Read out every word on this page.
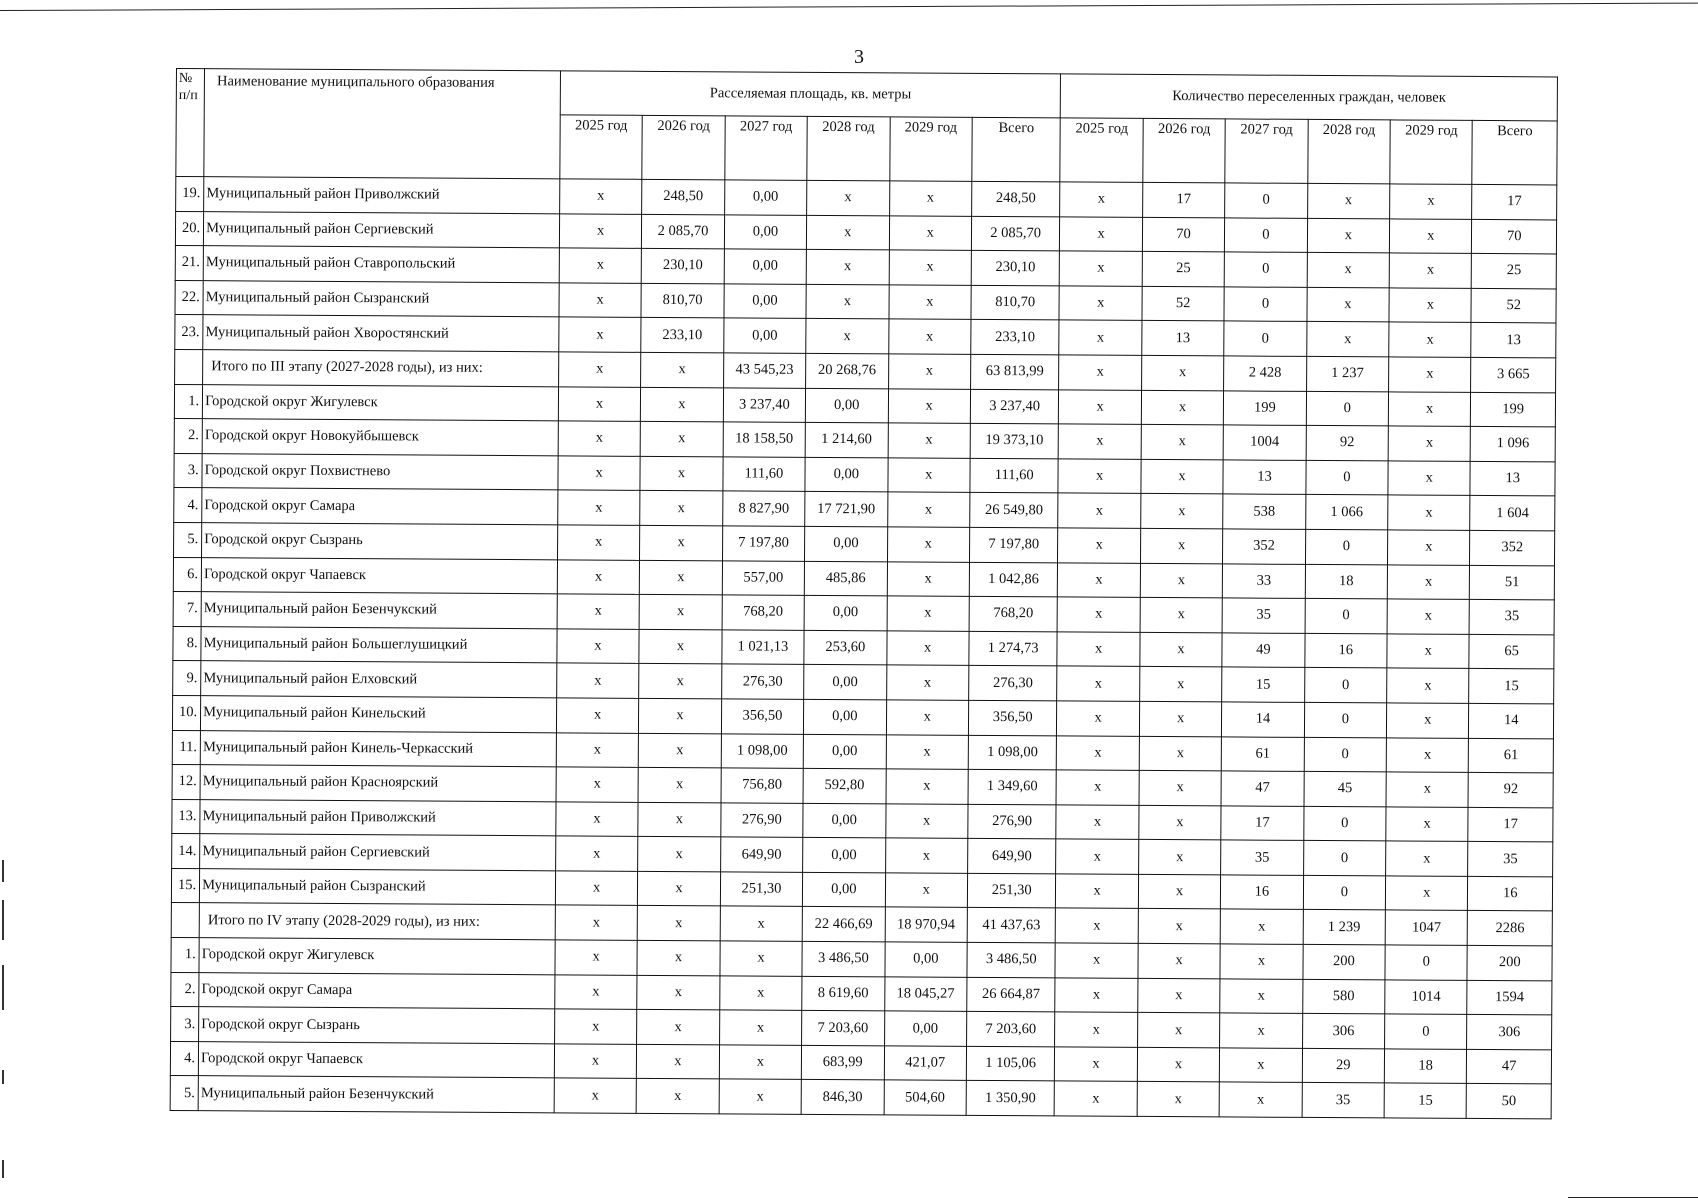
3
№ п/п	Наименование муниципального образования	Расселяемая площадь, кв. метры						Количество переселенных граждан, человек					
		2025 год	2026 год	2027 год	2028 год	2029 год	Всего	2025 год	2026 год	2027 год	2028 год	2029 год	Всего
19.	Муниципальный район Приволжский	x	248,50	0,00	x	x	248,50	x	17	0	x	x	17
20.	Муниципальный район Сергиевский	x	2 085,70	0,00	x	x	2 085,70	x	70	0	x	x	70
21.	Муниципальный район Ставропольский	x	230,10	0,00	x	x	230,10	x	25	0	x	x	25
22.	Муниципальный район Сызранский	x	810,70	0,00	x	x	810,70	x	52	0	x	x	52
23.	Муниципальный район Хворостянский	x	233,10	0,00	x	x	233,10	x	13	0	x	x	13
	Итого по III этапу (2027-2028 годы), из них:	x	x	43 545,23	20 268,76	x	63 813,99	x	x	2 428	1 237	x	3 665
1.	Городской округ Жигулевск	x	x	3 237,40	0,00	x	3 237,40	x	x	199	0	x	199
2.	Городской округ Новокуйбышевск	x	x	18 158,50	1 214,60	x	19 373,10	x	x	1004	92	x	1 096
3.	Городской округ Похвистнево	x	x	111,60	0,00	x	111,60	x	x	13	0	x	13
4.	Городской округ Самара	x	x	8 827,90	17 721,90	x	26 549,80	x	x	538	1 066	x	1 604
5.	Городской округ Сызрань	x	x	7 197,80	0,00	x	7 197,80	x	x	352	0	x	352
6.	Городской округ Чапаевск	x	x	557,00	485,86	x	1 042,86	x	x	33	18	x	51
7.	Муниципальный район Безенчукский	x	x	768,20	0,00	x	768,20	x	x	35	0	x	35
8.	Муниципальный район Большеглушицкий	x	x	1 021,13	253,60	x	1 274,73	x	x	49	16	x	65
9.	Муниципальный район Елховский	x	x	276,30	0,00	x	276,30	x	x	15	0	x	15
10.	Муниципальный район Кинельский	x	x	356,50	0,00	x	356,50	x	x	14	0	x	14
11.	Муниципальный район Кинель-Черкасский	x	x	1 098,00	0,00	x	1 098,00	x	x	61	0	x	61
12.	Муниципальный район Красноярский	x	x	756,80	592,80	x	1 349,60	x	x	47	45	x	92
13.	Муниципальный район Приволжский	x	x	276,90	0,00	x	276,90	x	x	17	0	x	17
14.	Муниципальный район Сергиевский	x	x	649,90	0,00	x	649,90	x	x	35	0	x	35
15.	Муниципальный район Сызранский	x	x	251,30	0,00	x	251,30	x	x	16	0	x	16
	Итого по IV этапу (2028-2029 годы), из них:	x	x	x	22 466,69	18 970,94	41 437,63	x	x	x	1 239	1047	2286
1.	Городской округ Жигулевск	x	x	x	3 486,50	0,00	3 486,50	x	x	x	200	0	200
2.	Городской округ Самара	x	x	x	8 619,60	18 045,27	26 664,87	x	x	x	580	1014	1594
3.	Городской округ Сызрань	x	x	x	7 203,60	0,00	7 203,60	x	x	x	306	0	306
4.	Городской округ Чапаевск	x	x	x	683,99	421,07	1 105,06	x	x	x	29	18	47
5.	Муниципальный район Безенчукский	x	x	x	846,30	504,60	1 350,90	x	x	x	35	15	50
